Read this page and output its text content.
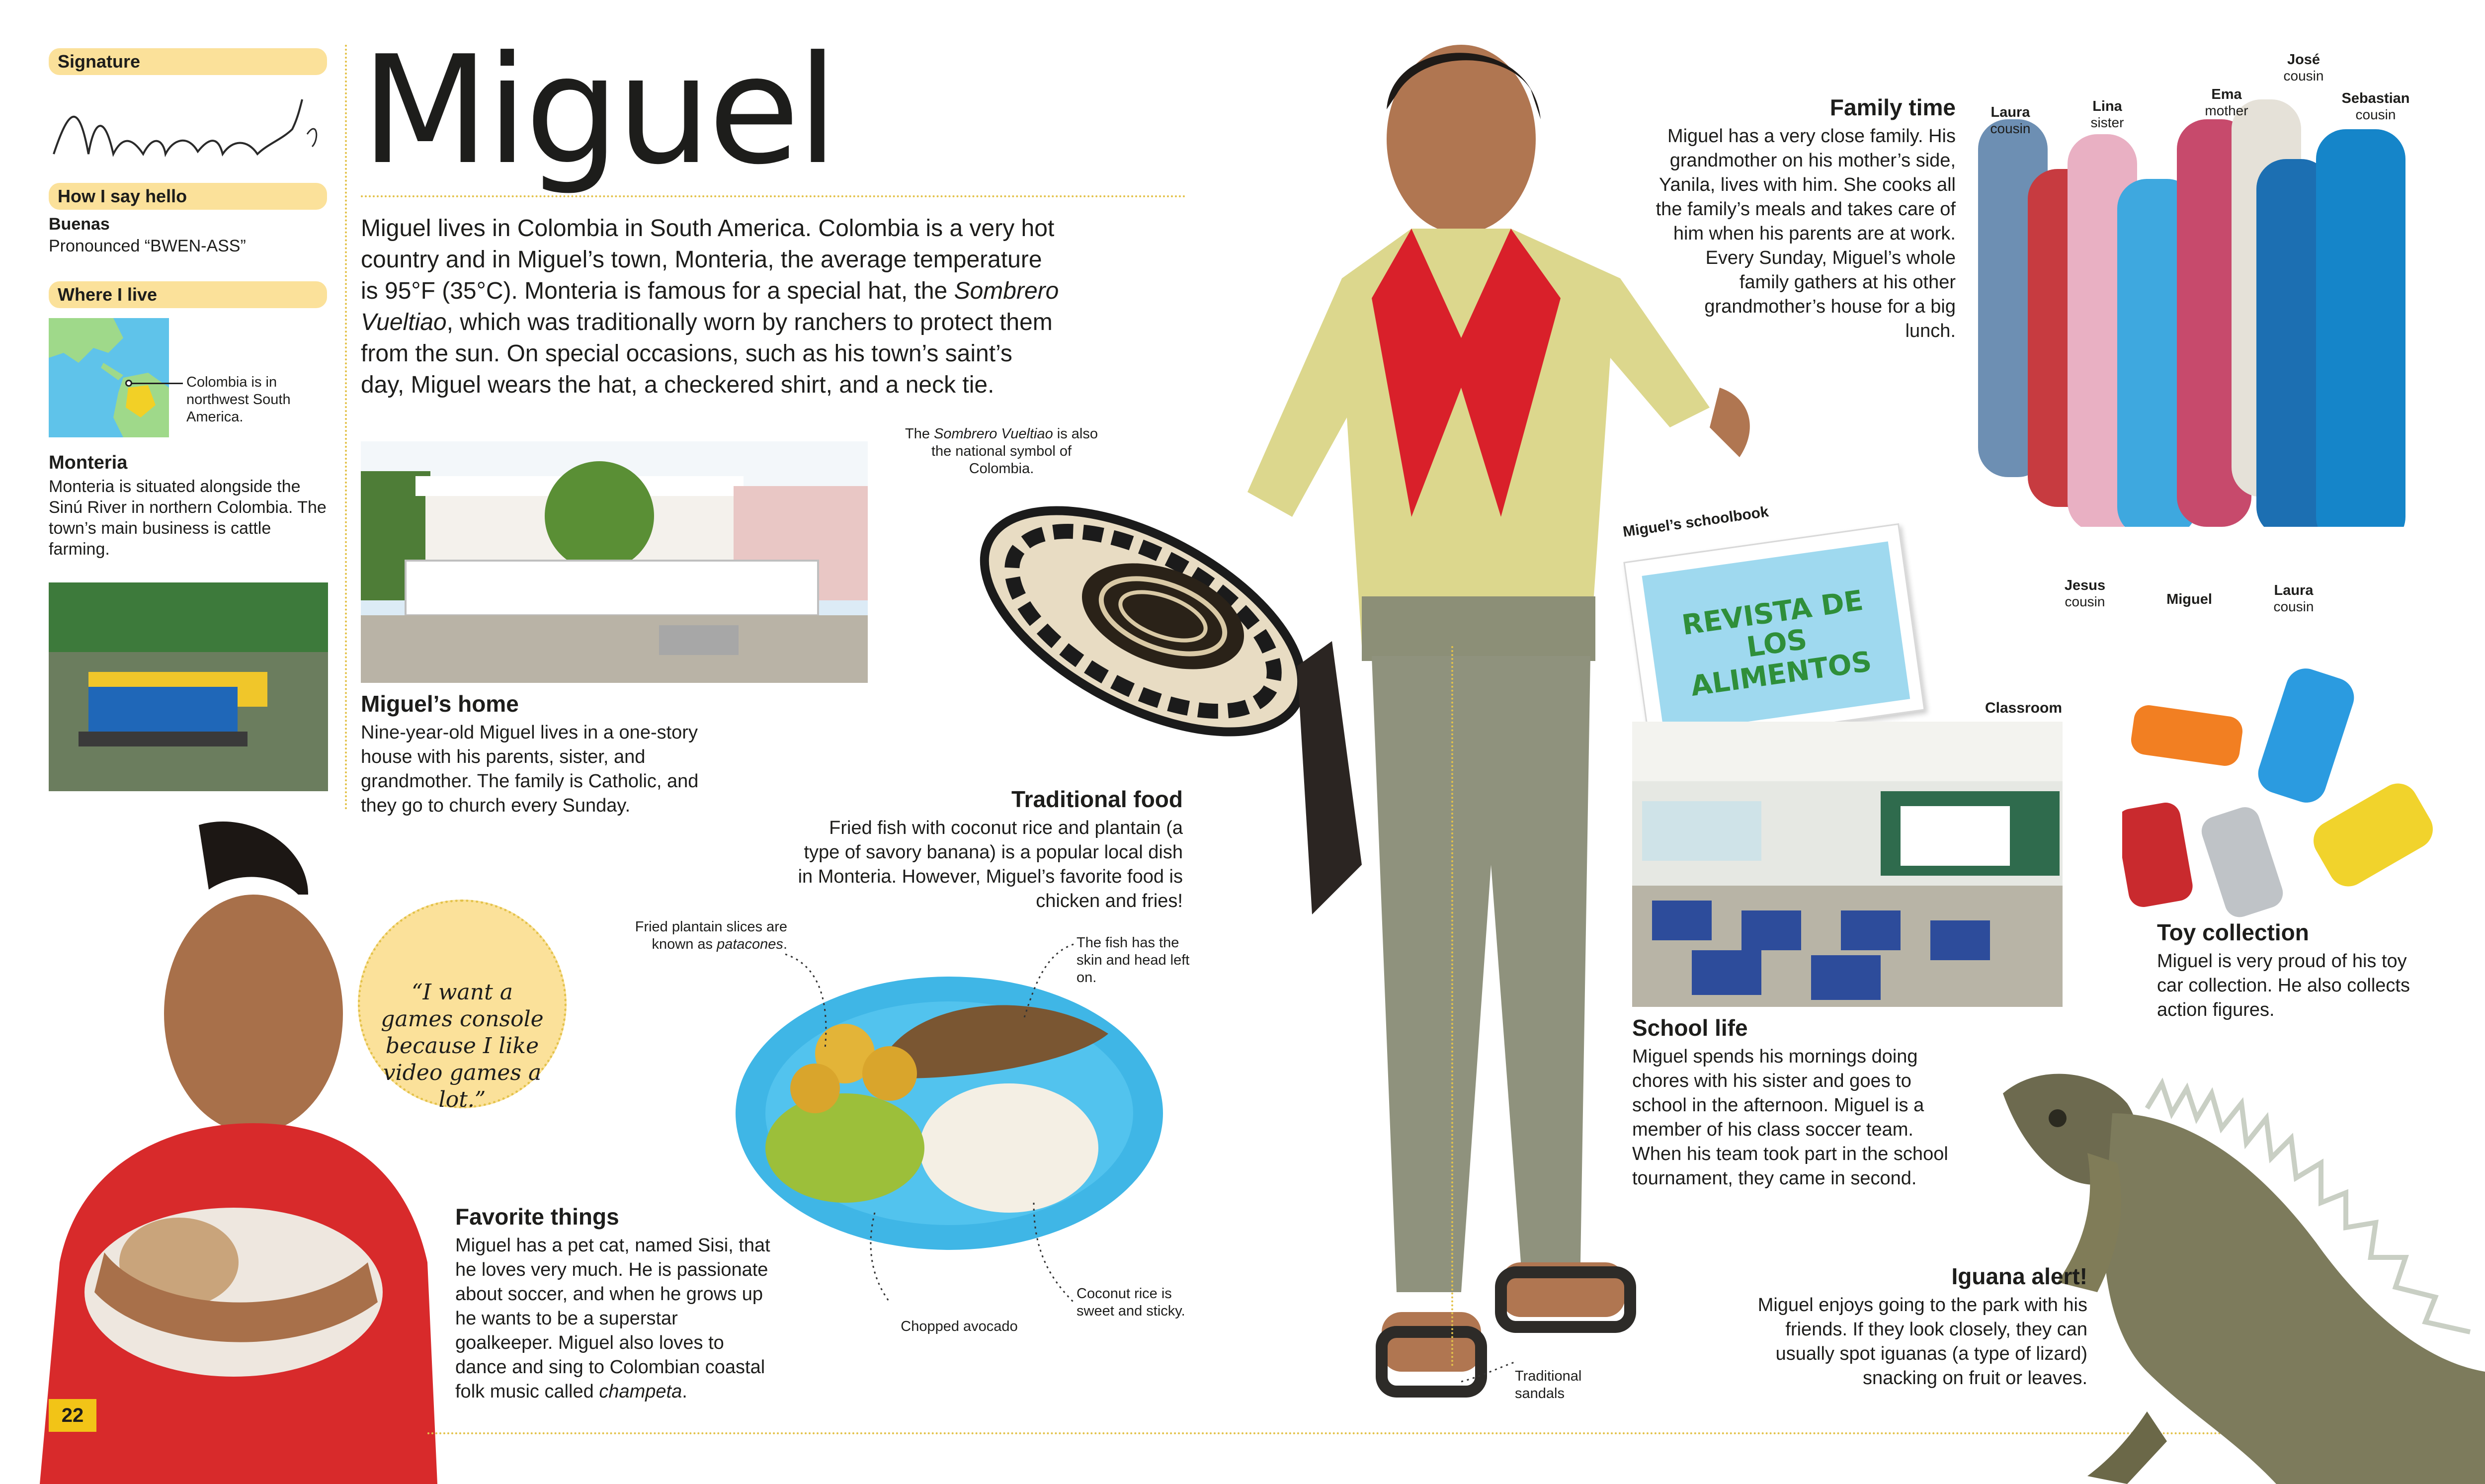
Signature
How I say hello
Buenas
Pronounced “BWEN-ASS”
Where I live
Colombia is in northwest South America.
Monteria
Monteria is situated alongside the Sinú River in northern Colombia. The town’s main business is cattle farming.
Miguel
Miguel lives in Colombia in South America. Colombia is a very hot country and in Miguel’s town, Monteria, the average temperature is 95°F (35°C). Monteria is famous for a special hat, the Sombrero Vueltiao, which was traditionally worn by ranchers to protect them from the sun. On special occasions, such as his town’s saint’s day, Miguel wears the hat, a checkered shirt, and a neck tie.
Miguel’s home
Nine-year-old Miguel lives in a one-story house with his parents, sister, and grandmother. The family is Catholic, and they go to church every Sunday.
The Sombrero Vueltiao is also the national symbol of Colombia.
Traditional food
Fried fish with coconut rice and plantain (a type of savory banana) is a popular local dish in Monteria. However, Miguel’s favorite food is chicken and fries!
Fried plantain slices are known as patacones.	The fish has the skin and head left on.
Chopped avocado
Coconut rice is sweet and sticky.
“I want a games console because I like video games a lot.”
Favorite things
Miguel has a pet cat, named Sisi, that he loves very much. He is passionate about soccer, and when he grows up he wants to be a superstar goalkeeper. Miguel also loves to dance and sing to Colombian coastal folk music called champeta.
22
Traditional sandals
Family time
Miguel has a very close family. His grandmother on his mother’s side, Yanila, lives with him. She cooks all the family’s meals and takes care of him when his parents are at work. Every Sunday, Miguel’s whole family gathers at his other grandmother’s house for a big lunch.
Laura
cousin
Lina
sister
Ema
mother
José
cousin
Sebastian
cousin
Jesus
cousin	Miguel
Laura
cousin
Miguel’s schoolbook
REVISTA DE LOS ALIMENTOS
Classroom
School life
Miguel spends his mornings doing chores with his sister and goes to school in the afternoon. Miguel is a member of his class soccer team. When his team took part in the school tournament, they came in second.
Toy collection
Miguel is very proud of his toy car collection. He also collects action figures.
Iguana alert!
Miguel enjoys going to the park with his friends. If they look closely, they can usually spot iguanas (a type of lizard) snacking on fruit or leaves.
